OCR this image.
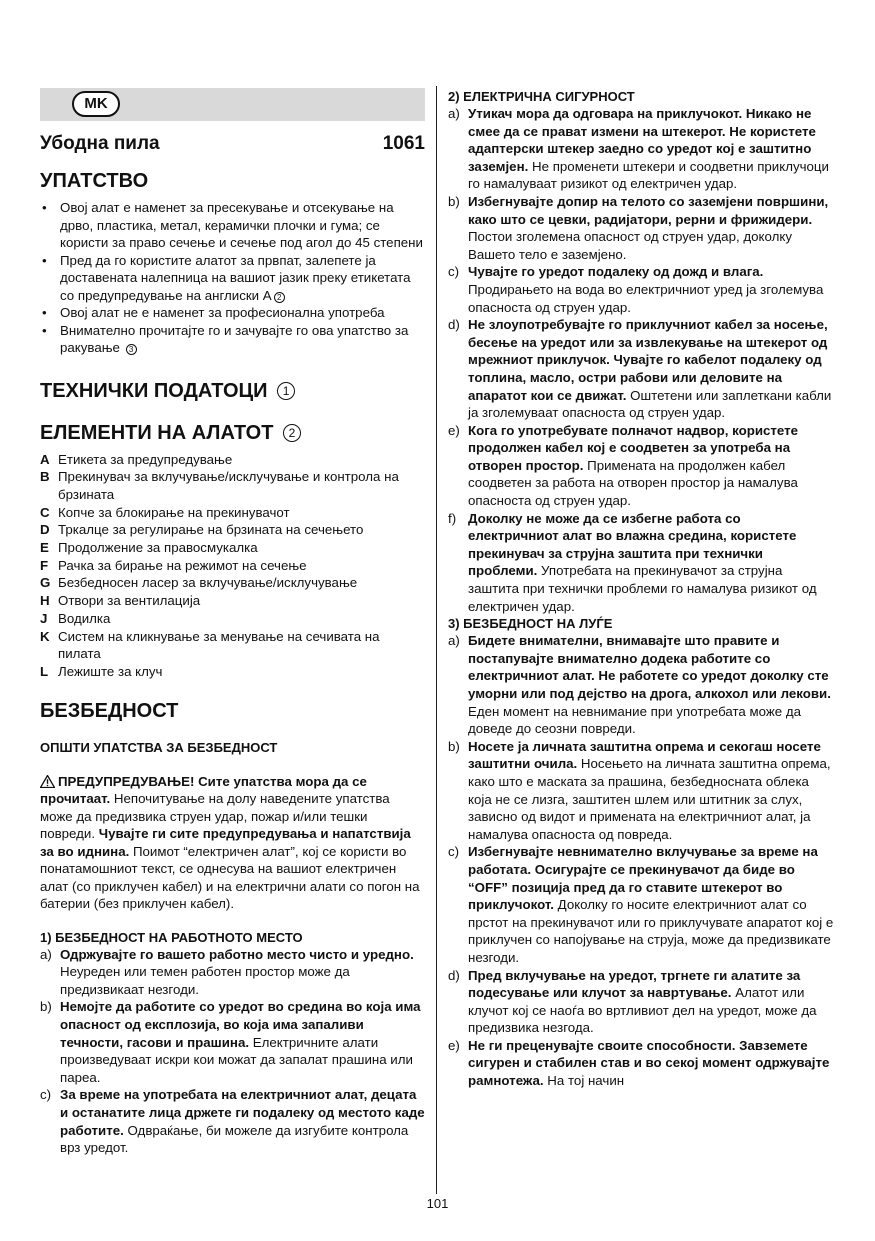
MK
Убодна пила	1061
УПАТСТВО
• Овој алат е наменет за пресекување и отсекување на дрво, пластика, метал, керамички плочки и гума; се користи за право сечење и сечење под агол до 45 степени
• Пред да го користите алатот за првпат, залепете ја доставената налепница на вашиот јазик преку етикетата со предупредување на англиски А 2
• Овој алат не е наменет за професионална употреба
• Внимателно прочитајте го и зачувајте го ова упатство за ракување 3
ТЕХНИЧКИ ПОДАТОЦИ 1
ЕЛЕМЕНТИ НА АЛАТОТ 2
A Етикета за предупредување
B Прекинувач за вклучување/исклучување и контрола на брзината
C Копче за блокирање на прекинувачот
D Тркалце за регулирање на брзината на сечењето
E Продолжение за правосмукалка
F Рачка за бирање на режимот на сечење
G Безбедносен ласер за вклучување/исклучување
H Отвори за вентилација
J Водилка
K Систем на кликнување за менување на сечивата на пилата
L Лежиште за клуч
БЕЗБЕДНОСТ
ОПШТИ УПАТСТВА ЗА БЕЗБЕДНОСТ
ПРЕДУПРЕДУВАЊЕ! Сите упатства мора да се прочитаат. Непочитување на долу наведените упатства може да предизвика струен удар, пожар и/или тешки повреди. Чувајте ги сите предупредувања и напатствија за во иднина. Поимот “електричен алат”, кој се користи во понатамошниот текст, се однесува на вашиот електричен алат (со приклучен кабел) и на електрични алати со погон на батерии (без приклучен кабел).
1) БЕЗБЕДНОСТ НА РАБОТНОТО МЕСТО
a) Одржувајте го вашето работно место чисто и уредно. Неуреден или темен работен простор може да предизвикаат незгоди.
b) Немојте да работите со уредот во средина во која има опасност од експлозија, во која има запаливи течности, гасови и прашина. Електричните алати произведуваат искри кои можат да запалат прашина или пареа.
c) За време на употребата на електричниот алат, децата и останатите лица држете ги подалеку од местото каде работите. Одвраќање, би можеле да изгубите контрола врз уредот.
2) ЕЛЕКТРИЧНА СИГУРНОСТ
a) Утикач мора да одговара на приклучокот. Никако не смее да се прават измени на штекерот. Не користете адаптерски штекер заедно со уредот кој е заштитно заземјен. Не променети штекери и соодветни приклучоци го намалуваат ризикот од електричен удар.
b) Избегнувајте допир на телото со заземјени површини, како што се цевки, радијатори, рерни и фрижидери. Постои зголемена опасност од струен удар, доколку Вашето тело е заземјено.
c) Чувајте го уредот подалеку од дожд и влага. Продирањето на вода во електричниот уред ја зголемува опасноста од струен удар.
d) Не злоупотребувајте го приклучниот кабел за носење, бесење на уредот или за извлекување на штекерот од мрежниот приклучок. Чувајте го кабелот подалеку од топлина, масло, остри рабови или деловите на апаратот кои се движат. Оштетени или заплеткани кабли ја зголемуваат опасноста од струен удар.
e) Кога го употребувате полначот надвор, користете продолжен кабел кој е соодветен за употреба на отворен простор. Примената на продолжен кабел соодветен за работа на отворен простор ја намалува опасноста од струен удар.
f) Доколку не може да се избегне работа со електричниот алат во влажна средина, користете прекинувач за струјна заштита при технички проблеми. Употребата на прекинувачот за струјна заштита при технички проблеми го намалува ризикот од електричен удар.
3) БЕЗБЕДНОСТ НА ЛУЃЕ
a) Бидете внимателни, внимавајте што правите и постапувајте внимателно додека работите со електричниот алат. Не работете со уредот доколку сте уморни или под дејство на дрога, алкохол или лекови. Еден момент на невнимание при употребата може да доведе до сеозни повреди.
b) Носете ја личната заштитна опрема и секогаш носете заштитни очила. Носењето на личната заштитна опрема, како што е маската за прашина, безбедносната облека која не се лизга, заштитен шлем или штитник за слух, зависно од видот и примената на електричниот алат, ја намалува опасноста од повреда.
c) Избегнувајте невнимателно вклучување за време на работата. Осигурајте се прекинувачот да биде во “OFF” позиција пред да го ставите штекерот во приклучокот. Доколку го носите електричниот алат со прстот на прекинувачот или го приклучувате апаратот кој е приклучен со напојување на струја, може да предизвикате незгоди.
d) Пред вклучување на уредот, тргнете ги алатите за подесување или клучот за навртување. Алатот или клучот кој се наоѓа во вртливиот дел на уредот, може да предизвика незгода.
e) Не ги преценувајте своите способности. Завземете сигурен и стабилен став и во секој момент одржувајте рамнотежа. На тој начин
101
